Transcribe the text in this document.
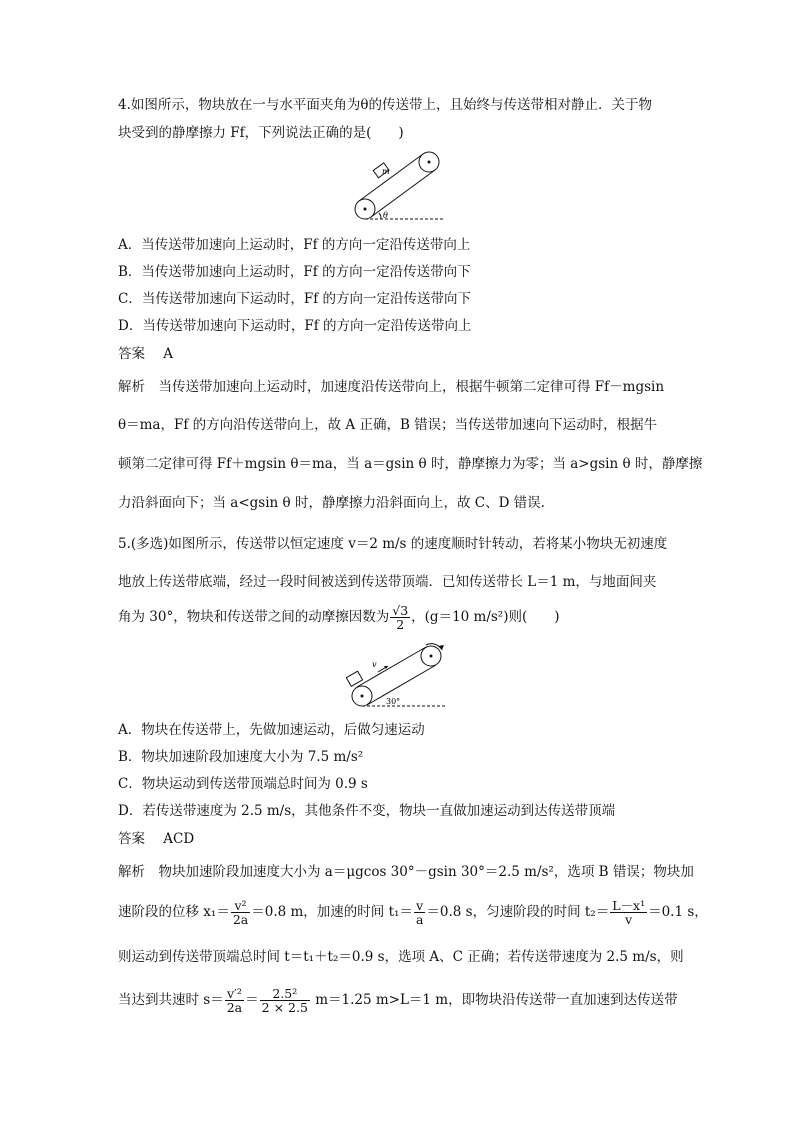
4.如图所示，物块放在一与水平面夹角为θ的传送带上，且始终与传送带相对静止．关于物
块受到的静摩擦力 Ff，下列说法正确的是(　　)
m
θ
A．当传送带加速向上运动时，Ff 的方向一定沿传送带向上
B．当传送带加速向上运动时，Ff 的方向一定沿传送带向下
C．当传送带加速向下运动时，Ff 的方向一定沿传送带向下
D．当传送带加速向下运动时，Ff 的方向一定沿传送带向上
答案 A
解析　当传送带加速向上运动时，加速度沿传送带向上，根据牛顿第二定律可得 Ff－mgsin
θ＝ma，Ff 的方向沿传送带向上，故 A 正确，B 错误；当传送带加速向下运动时，根据牛
顿第二定律可得 Ff＋mgsin θ＝ma，当 a＝gsin θ 时，静摩擦力为零；当 a>gsin θ 时，静摩擦
力沿斜面向下；当 a<gsin θ 时，静摩擦力沿斜面向上，故 C、D 错误.
5.(多选)如图所示，传送带以恒定速度 v＝2 m/s 的速度顺时针转动，若将某小物块无初速度
地放上传送带底端，经过一段时间被送到传送带顶端．已知传送带长 L＝1 m，与地面间夹
角为 30°，物块和传送带之间的动摩擦因数为 $\frac{√3}{2}$ ，(g＝10 m/s²)则(　　)
v
30°
A．物块在传送带上，先做加速运动，后做匀速运动
B．物块加速阶段加速度大小为 7.5 m/s²
C．物块运动到传送带顶端总时间为 0.9 s
D．若传送带速度为 2.5 m/s，其他条件不变，物块一直做加速运动到达传送带顶端
答案 ACD
解析　物块加速阶段加速度大小为 a＝μgcos 30°－gsin 30°＝2.5 m/s²，选项 B 错误；物块加
速阶段的位移 $x_1= \frac{\text{v²}}{2a} =0.8$ m，加速的时间 $t_1= \frac{v}{a} =0.8$ s，匀速阶段的时间 $t_2= \frac{\text{L－x¹}}{v} =0.1$ s，
则运动到传送带顶端总时间 t＝t₁＋t₂＝0.9 s，选项 A、C 正确；若传送带速度为 2.5 m/s，则
当达到共速时 $s= \frac{\text{v′²}}{2a} = \frac{\text{2.5²}}{2 \times 2.5} m=1.25$ m>L＝1 m，即物块沿传送带一直加速到达传送带
